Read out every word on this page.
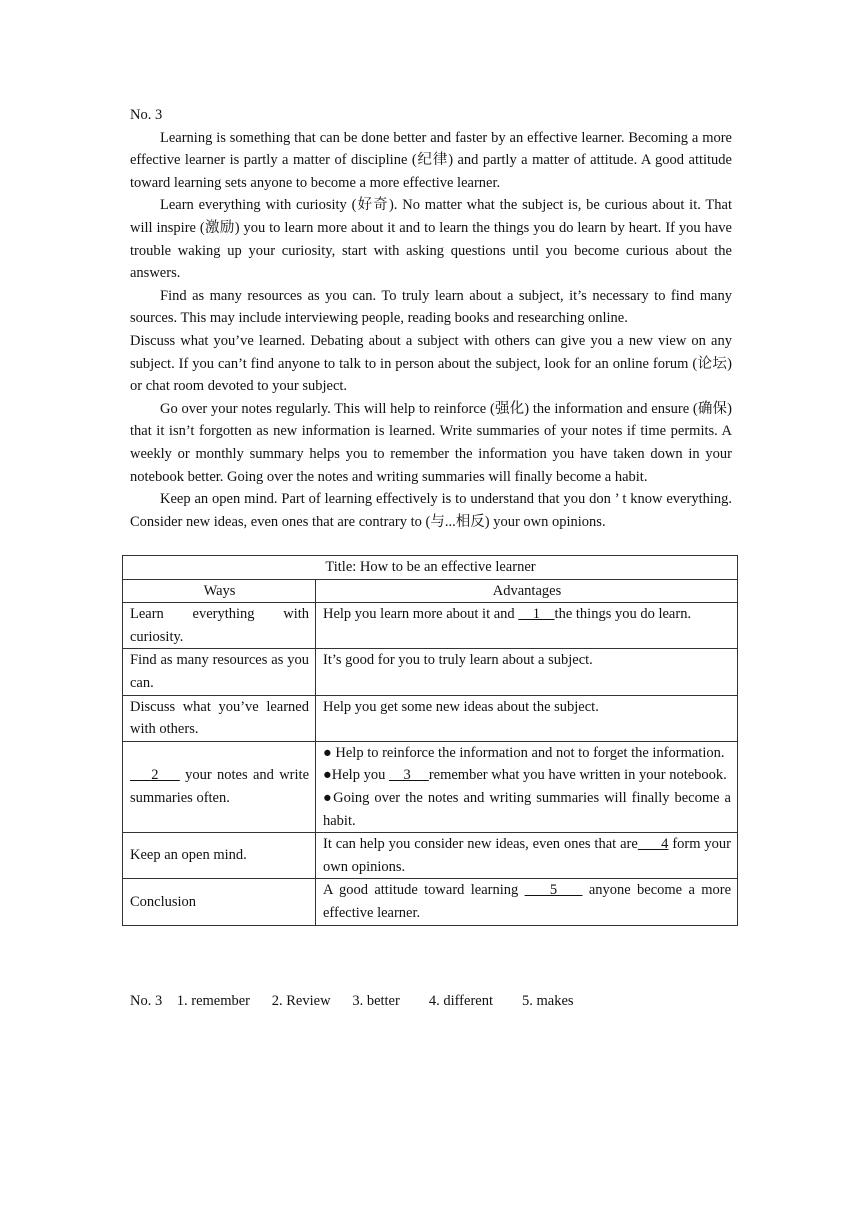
No. 3

Learning is something that can be done better and faster by an effective learner. Becoming a more effective learner is partly a matter of discipline (纪律) and partly a matter of attitude. A good attitude toward learning sets anyone to become a more effective learner.

Learn everything with curiosity (好奇). No matter what the subject is, be curious about it. That will inspire (激励) you to learn more about it and to learn the things you do learn by heart. If you have trouble waking up your curiosity, start with asking questions until you become curious about the answers.

Find as many resources as you can. To truly learn about a subject, it’s necessary to find many sources. This may include interviewing people, reading books and researching online.

Discuss what you’ve learned. Debating about a subject with others can give you a new view on any subject. If you can’t find anyone to talk to in person about the subject, look for an online forum (论坛) or chat room devoted to your subject.

Go over your notes regularly. This will help to reinforce (强化) the information and ensure (确保) that it isn’t forgotten as new information is learned. Write summaries of your notes if time permits. A weekly or monthly summary helps you to remember the information you have taken down in your notebook better. Going over the notes and writing summaries will finally become a habit.

Keep an open mind. Part of learning effectively is to understand that you don ’ t know everything. Consider new ideas, even ones that are contrary to (与...相反) your own opinions.

Title: How to be an effective learner	
Ways	Advantages
Learn everything with curiosity.	Help you learn more about it and     1    the things you do learn.
Find as many resources as you can.	It’s good for you to truly learn about a subject.
Discuss what you’ve learned with others.	Help you get some new ideas about the subject.
2     your notes and write summaries often.	● Help to reinforce the information and not to forget the information.
●Help you     3     remember what you have written in your notebook.
●Going over the notes and writing summaries will finally become a habit.

Keep an open mind.	It can help you consider new ideas, even ones that are      4 form your own opinions.
Conclusion	A good attitude toward learning     5     anyone become a more effective learner.
No. 3 1. remember 2. Review 3. better 4. different 5. makes
